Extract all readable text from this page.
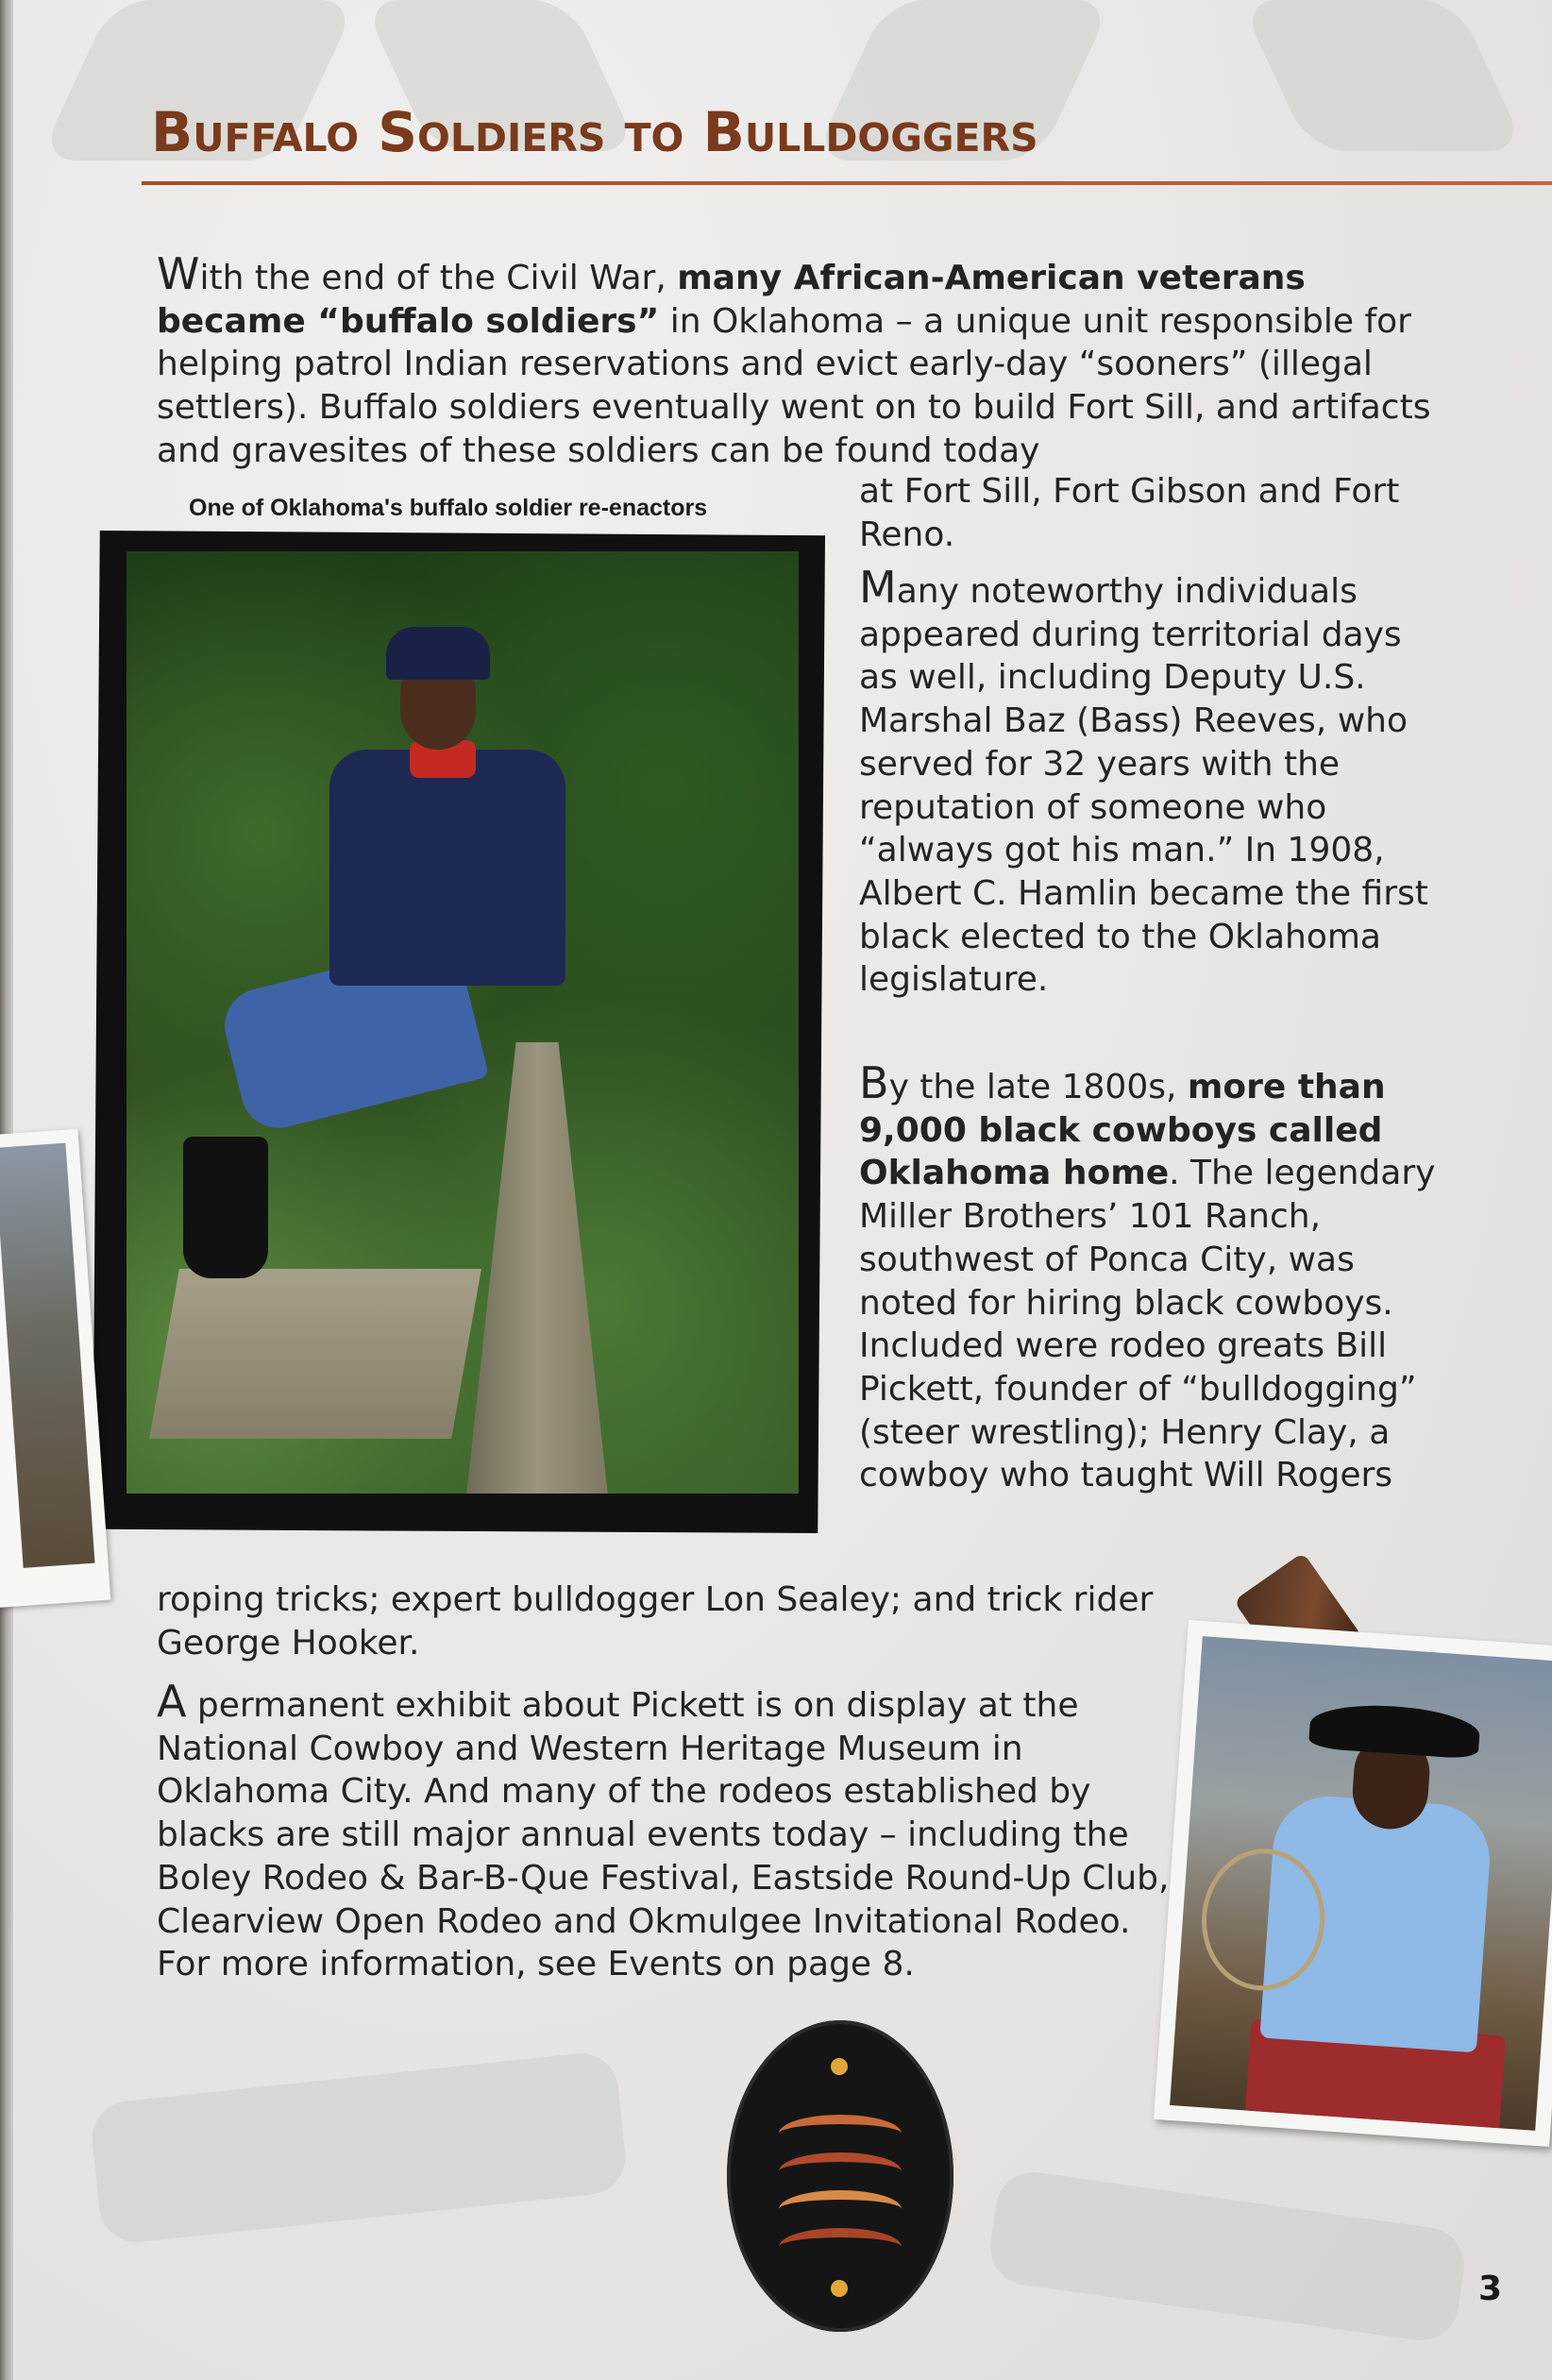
Buffalo Soldiers to Bulldoggers
With the end of the Civil War, many African-American veterans became “buffalo soldiers” in Oklahoma – a unique unit responsible for helping patrol Indian reservations and evict early-day “sooners” (illegal settlers). Buffalo soldiers eventually went on to build Fort Sill, and artifacts and gravesites of these soldiers can be found today
One of Oklahoma's buffalo soldier re-enactors	at Fort Sill, Fort Gibson and Fort Reno.
Many noteworthy individuals appeared during territorial days as well, including Deputy U.S. Marshal Baz (Bass) Reeves, who served for 32 years with the reputation of someone who “always got his man.” In 1908, Albert C. Hamlin became the first black elected to the Oklahoma legislature.
By the late 1800s, more than 9,000 black cowboys called Oklahoma home. The legendary Miller Brothers’ 101 Ranch, southwest of Ponca City, was noted for hiring black cowboys. Included were rodeo greats Bill Pickett, founder of “bulldogging” (steer wrestling); Henry Clay, a cowboy who taught Will Rogers
roping tricks; expert bulldogger Lon Sealey; and trick rider George Hooker.
A permanent exhibit about Pickett is on display at the National Cowboy and Western Heritage Museum in Oklahoma City. And many of the rodeos established by blacks are still major annual events today – including the Boley Rodeo & Bar-B-Que Festival, Eastside Round-Up Club, Clearview Open Rodeo and Okmulgee Invitational Rodeo. For more information, see Events on page 8.
3
